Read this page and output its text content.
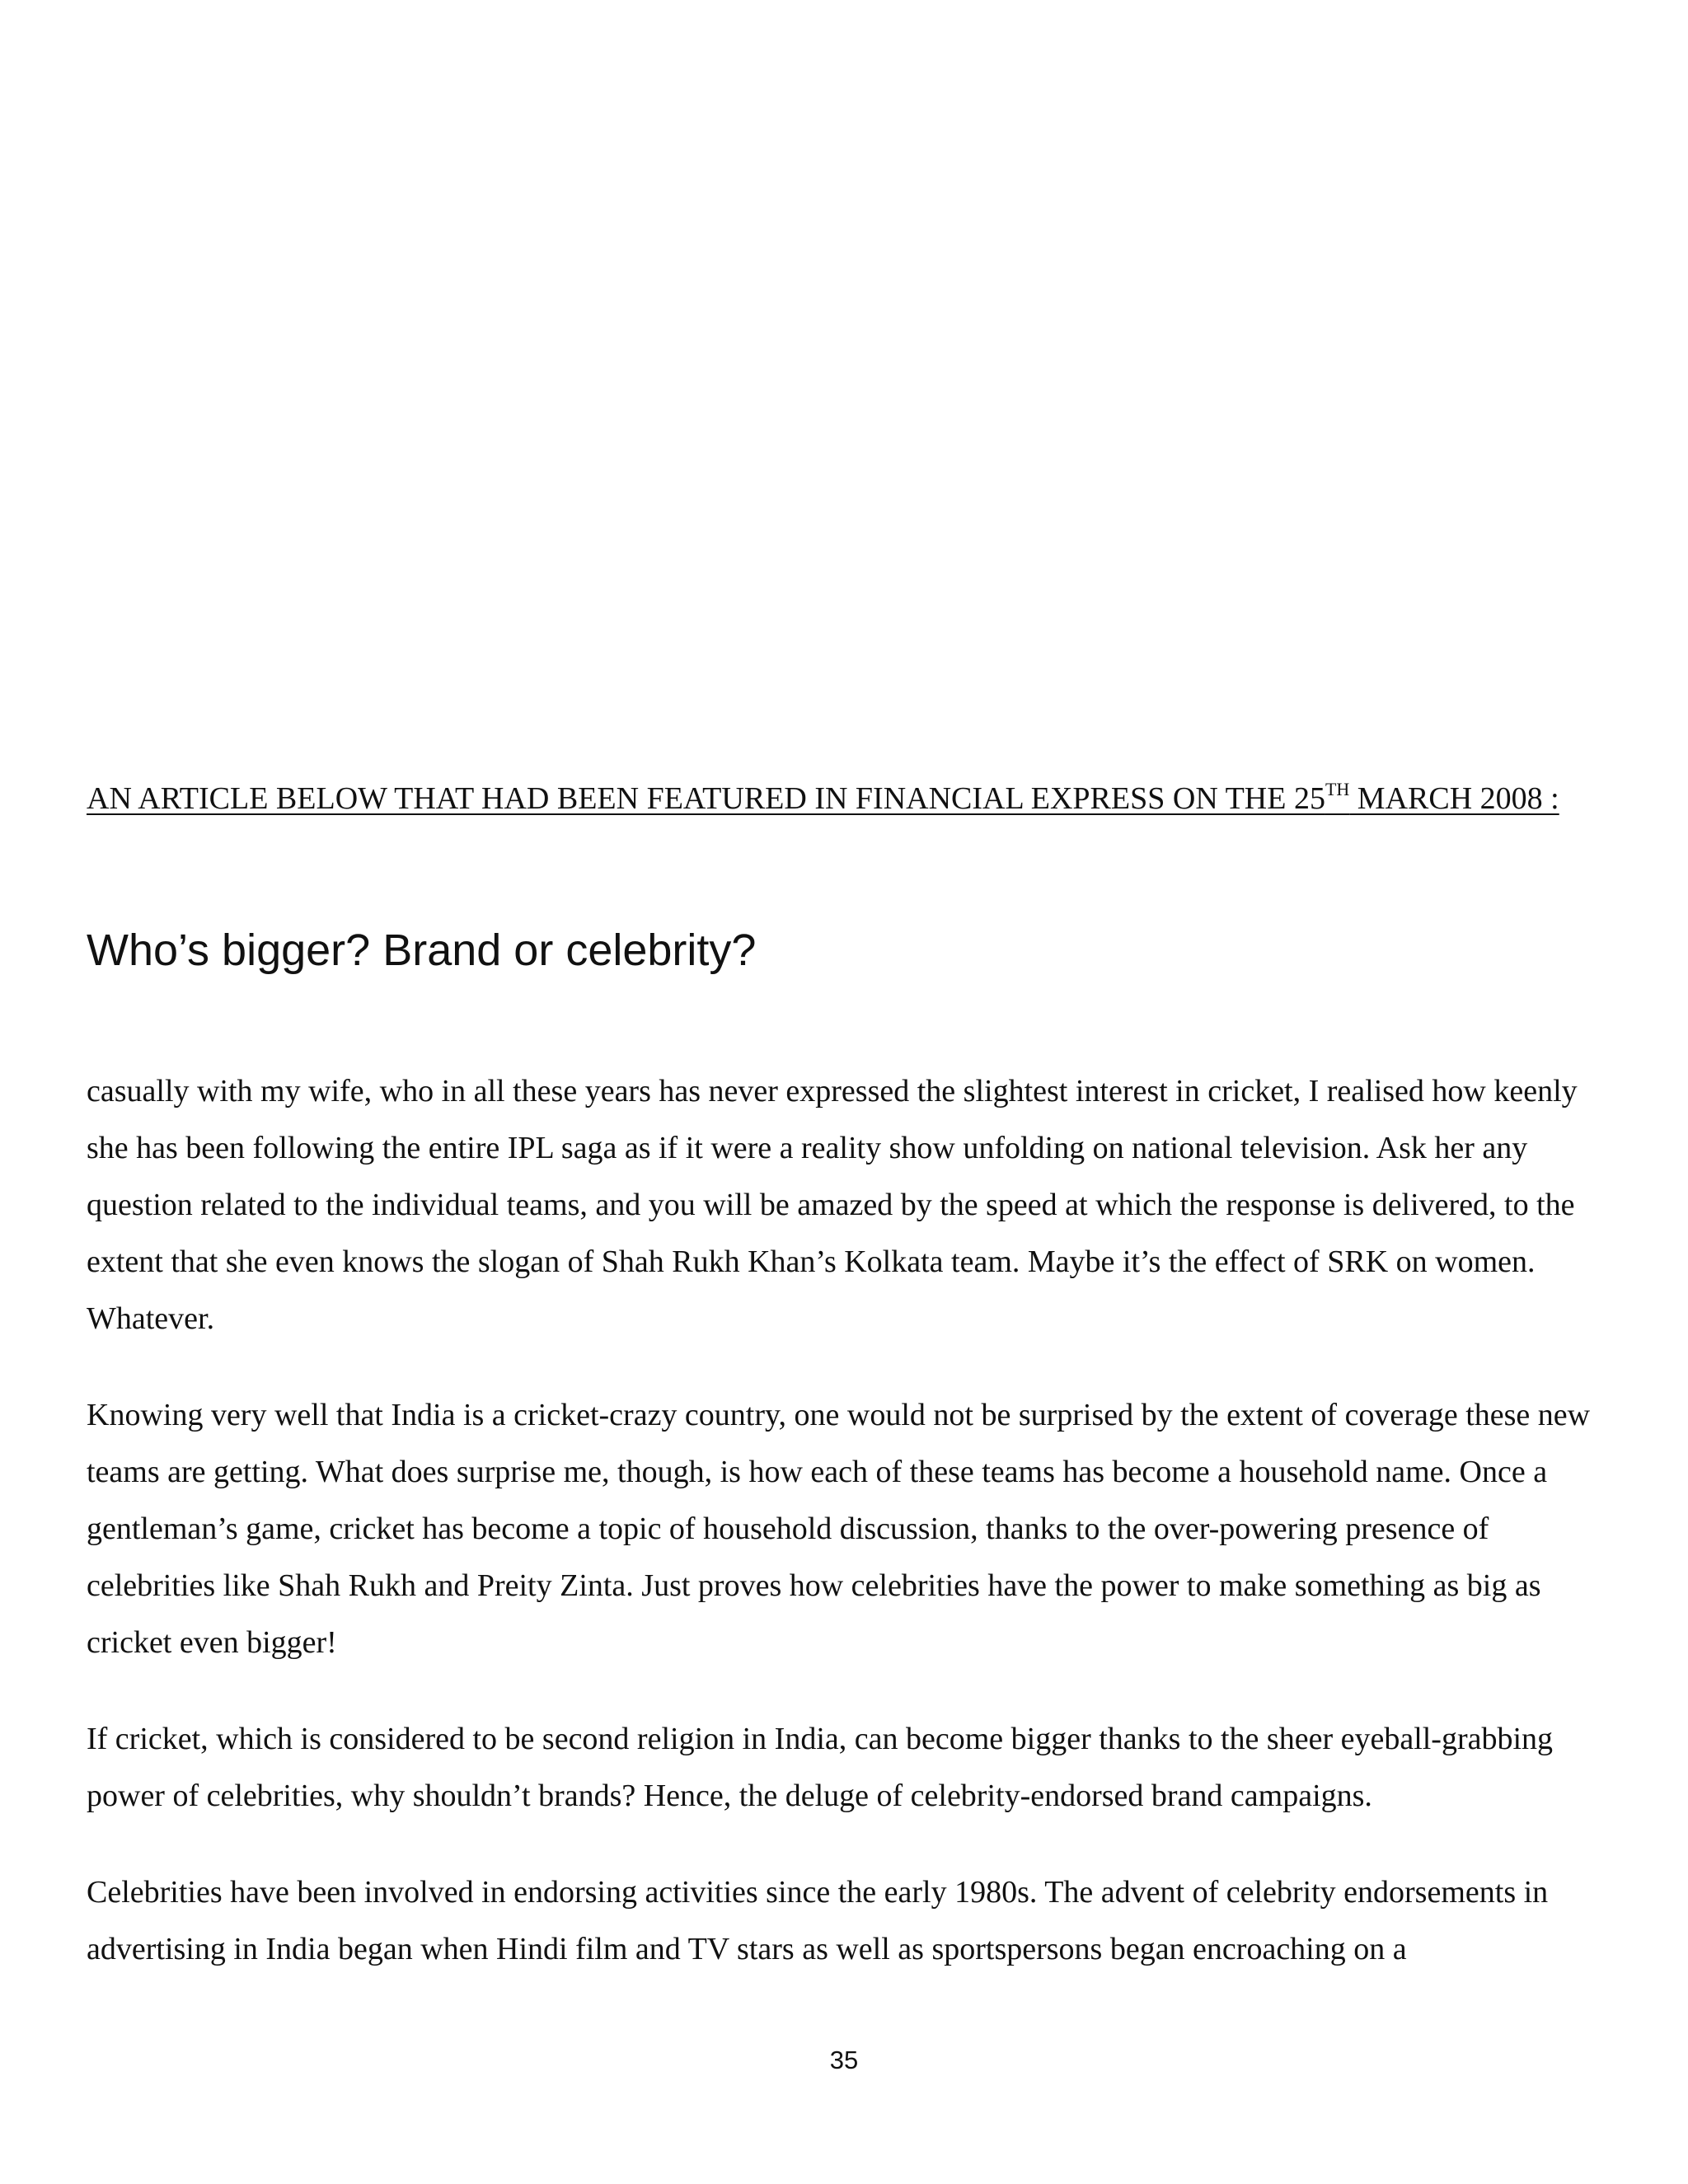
AN ARTICLE BELOW THAT HAD BEEN FEATURED IN FINANCIAL EXPRESS ON THE 25TH MARCH 2008 :

Who’s bigger? Brand or celebrity?

casually with my wife, who in all these years has never expressed the slightest interest in cricket, I realised how keenly she has been following the entire IPL saga as if it were a reality show unfolding on national television. Ask her any question related to the individual teams, and you will be amazed by the speed at which the response is delivered, to the extent that she even knows the slogan of Shah Rukh Khan’s Kolkata team. Maybe it’s the effect of SRK on women. Whatever.

Knowing very well that India is a cricket-crazy country, one would not be surprised by the extent of coverage these new teams are getting. What does surprise me, though, is how each of these teams has become a household name. Once a gentleman’s game, cricket has become a topic of household discussion, thanks to the over-powering presence of celebrities like Shah Rukh and Preity Zinta. Just proves how celebrities have the power to make something as big as cricket even bigger!

If cricket, which is considered to be second religion in India, can become bigger thanks to the sheer eyeball-grabbing power of celebrities, why shouldn’t brands? Hence, the deluge of celebrity-endorsed brand campaigns.

Celebrities have been involved in endorsing activities since the early 1980s. The advent of celebrity endorsements in advertising in India began when Hindi film and TV stars as well as sportspersons began encroaching on a

35
